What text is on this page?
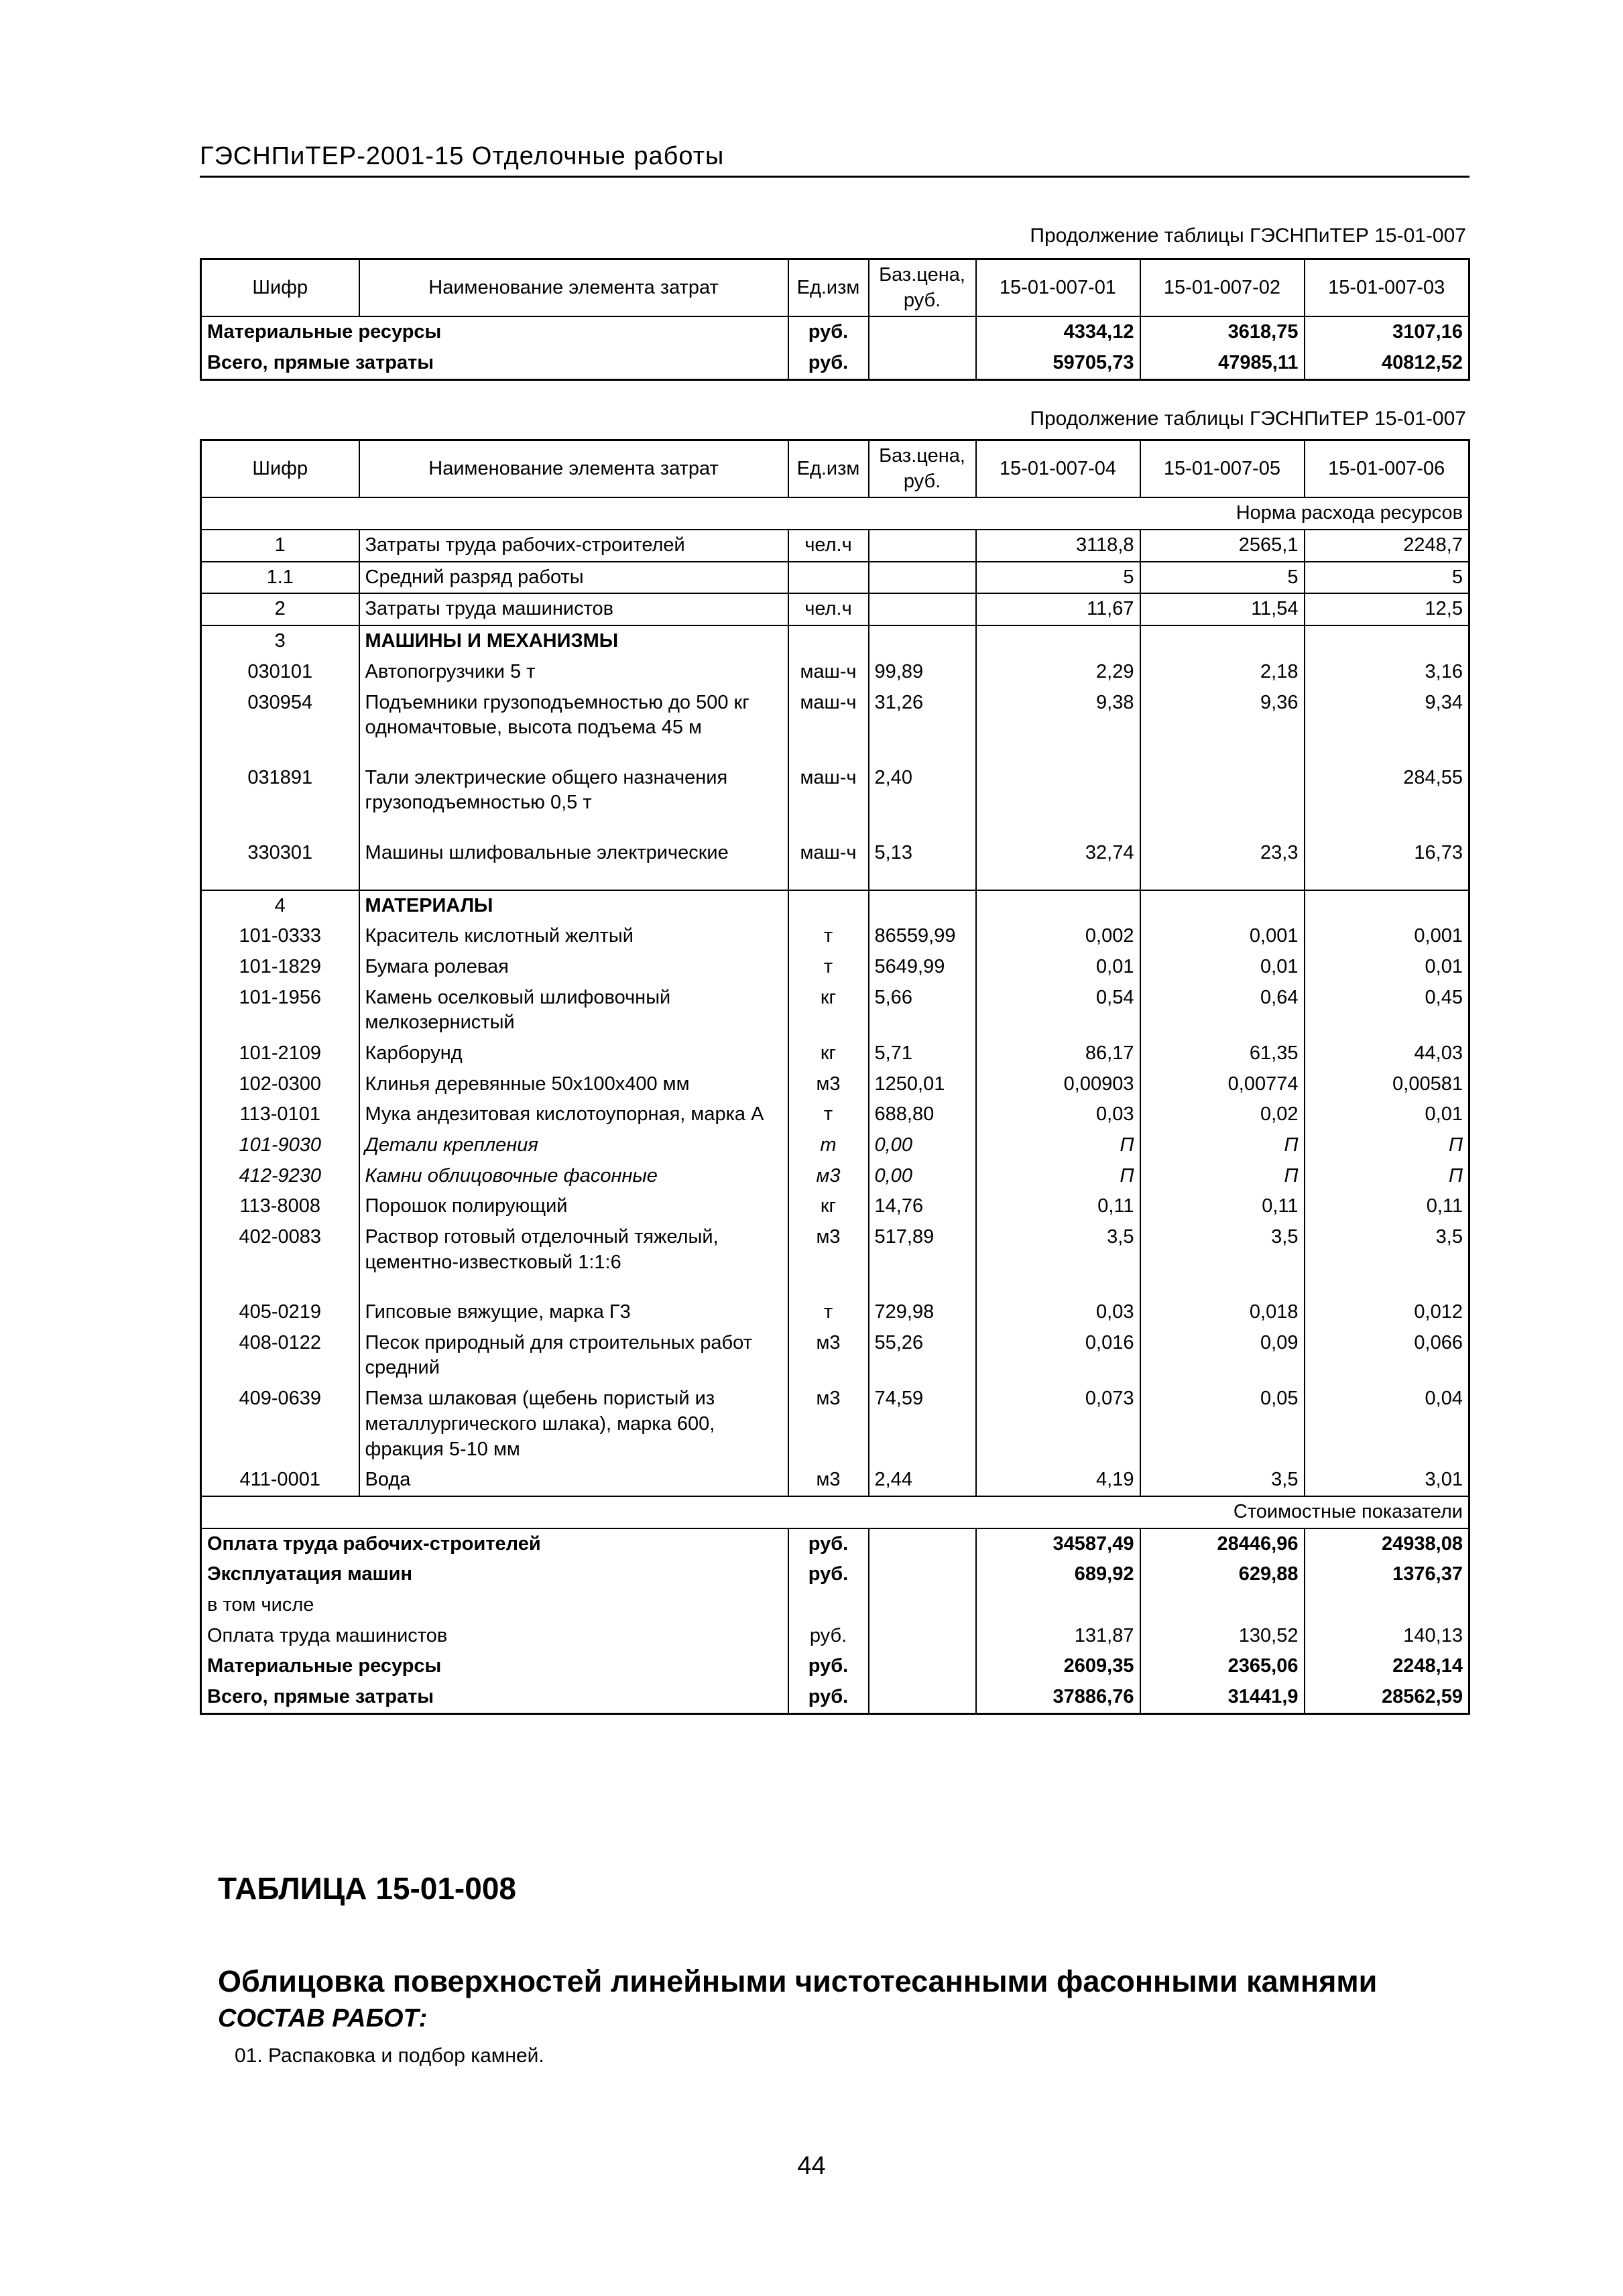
ГЭСНПиТЕР-2001-15 Отделочные работы
Продолжение таблицы ГЭСНПиТЕР 15-01-007
Шифр	Наименование элемента затрат	Ед.изм	Баз.цена, руб.	15-01-007-01	15-01-007-02	15-01-007-03
Материальные ресурсы		руб.		4334,12	3618,75	3107,16
Всего, прямые затраты		руб.		59705,73	47985,11	40812,52
Продолжение таблицы ГЭСНПиТЕР 15-01-007
Шифр	Наименование элемента затрат	Ед.изм	Баз.цена, руб.	15-01-007-04	15-01-007-05	15-01-007-06
Норма расхода ресурсов						
1	Затраты труда рабочих-строителей	чел.ч		3118,8	2565,1	2248,7
1.1	Средний разряд работы			5	5	5
2	Затраты труда машинистов	чел.ч		11,67	11,54	12,5
3	МАШИНЫ И МЕХАНИЗМЫ					
030101	Автопогрузчики 5 т	маш-ч	99,89	2,29	2,18	3,16
030954	Подъемники грузоподъемностью до 500 кг одномачтовые, высота подъема 45 м	маш-ч	31,26	9,38	9,36	9,34
031891	Тали электрические общего назначения грузоподъемностью 0,5 т	маш-ч	2,40			284,55
330301	Машины шлифовальные электрические	маш-ч	5,13	32,74	23,3	16,73
4	МАТЕРИАЛЫ					
101-0333	Краситель кислотный желтый	т	86559,99	0,002	0,001	0,001
101-1829	Бумага ролевая	т	5649,99	0,01	0,01	0,01
101-1956	Камень оселковый шлифовочный мелкозернистый	кг	5,66	0,54	0,64	0,45
101-2109	Карборунд	кг	5,71	86,17	61,35	44,03
102-0300	Клинья деревянные 50х100х400 мм	м3	1250,01	0,00903	0,00774	0,00581
113-0101	Мука андезитовая кислотоупорная, марка А	т	688,80	0,03	0,02	0,01
101-9030	Детали крепления	т	0,00	П	П	П
412-9230	Камни облицовочные фасонные	м3	0,00	П	П	П
113-8008	Порошок полирующий	кг	14,76	0,11	0,11	0,11
402-0083	Раствор готовый отделочный тяжелый, цементно-известковый 1:1:6	м3	517,89	3,5	3,5	3,5
405-0219	Гипсовые вяжущие, марка Г3	т	729,98	0,03	0,018	0,012
408-0122	Песок природный для строительных работ средний	м3	55,26	0,016	0,09	0,066
409-0639	Пемза шлаковая (щебень пористый из металлургического шлака), марка 600, фракция 5-10 мм	м3	74,59	0,073	0,05	0,04
411-0001	Вода	м3	2,44	4,19	3,5	3,01
Стоимостные показатели						
Оплата труда рабочих-строителей		руб.		34587,49	28446,96	24938,08
Эксплуатация машин		руб.		689,92	629,88	1376,37
в том числе						
Оплата труда машинистов		руб.		131,87	130,52	140,13
Материальные ресурсы		руб.		2609,35	2365,06	2248,14
Всего, прямые затраты		руб.		37886,76	31441,9	28562,59
ТАБЛИЦА 15-01-008
Облицовка поверхностей линейными чистотесанными фасонными камнями
СОСТАВ РАБОТ:
01. Распаковка и подбор камней.
44
